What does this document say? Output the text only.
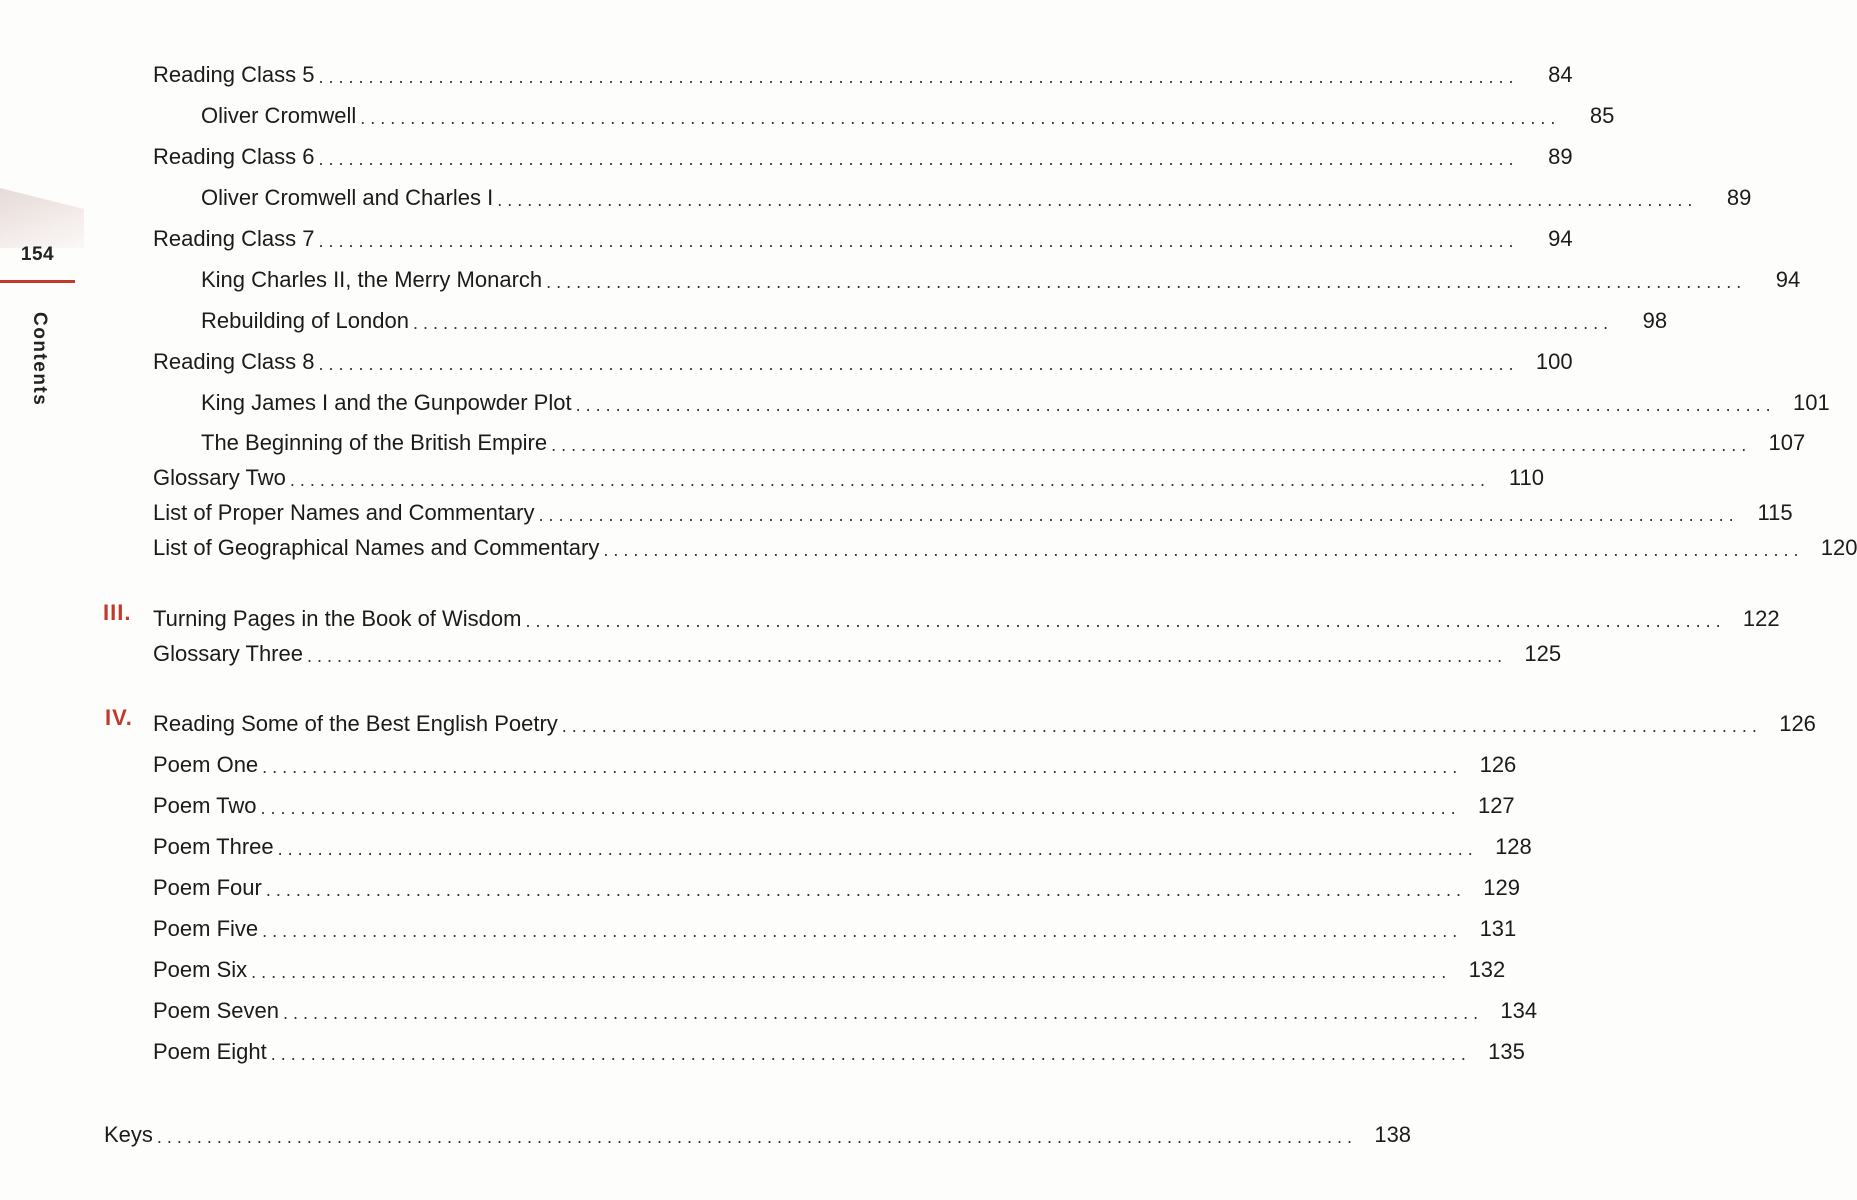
154
Contents
III.
IV.
Reading Class 5 ........................................................................................................................	84
Oliver Cromwell ........................................................................................................................	85
Reading Class 6 ........................................................................................................................	89
Oliver Cromwell and Charles I ........................................................................................................................	89
Reading Class 7 ........................................................................................................................	94
King Charles II, the Merry Monarch ........................................................................................................................	94
Rebuilding of London ........................................................................................................................	98
Reading Class 8 ........................................................................................................................ 100
King James I and the Gunpowder Plot ........................................................................................................................ 101
The Beginning of the British Empire ........................................................................................................................ 107
Glossary Two ........................................................................................................................ 110
List of Proper Names and Commentary ........................................................................................................................ 115
List of Geographical Names and Commentary ........................................................................................................................ 120
Turning Pages in the Book of Wisdom ........................................................................................................................ 122
Glossary Three ........................................................................................................................ 125
Reading Some of the Best English Poetry ........................................................................................................................ 126
Poem One ........................................................................................................................ 126
Poem Two ........................................................................................................................ 127
Poem Three ........................................................................................................................ 128
Poem Four ........................................................................................................................ 129
Poem Five ........................................................................................................................ 131
Poem Six ........................................................................................................................ 132
Poem Seven ........................................................................................................................ 134
Poem Eight ........................................................................................................................ 135
Keys ........................................................................................................................ 138
